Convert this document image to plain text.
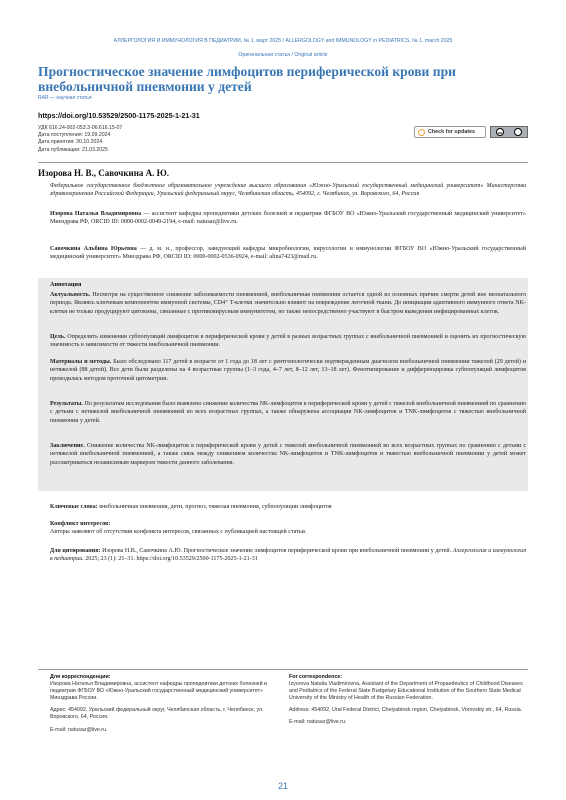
АЛЛЕРГОЛОГИЯ И ИММУНОЛОГИЯ В ПЕДИАТРИИ, № 1, март 2025 / ALLERGOLOGY and IMMUNOLOGY in PEDIATRICS, № 1, march 2025
Оригинальная статья / Original article
Прогностическое значение лимфоцитов периферической крови при внебольничной пневмонии у детей
RAR — научная статья
https://doi.org/10.53529/2500-1175-2025-1-21-31
УДК 616.24-002-053.3-06:616.15-07
Дата поступления: 19.09.2024
Дата принятия: 30.10.2024
Дата публикации: 21.03.2025
Check for updates	cc
Изорова Н. В., Савочкина А. Ю.
Федеральное государственное бюджетное образовательное учреждение высшего образования «Южно-Уральский государственный медицинский университет» Министерства здравоохранения Российской Федерации, Уральский федеральный округ, Челябинская область, 454092, г. Челябинск, ул. Воровского, 64, Россия
Изорова Наталья Владимировна — ассистент кафедры пропедевтики детских болезней и педиатрии ФГБОУ ВО «Южно-Уральский государственный медицинский университет» Минздрава РФ, ORCID ID: 0000-0002-0049-2194, e-mail: natusaz@live.ru.
Савочкина Альбина Юрьевна — д. м. н., профессор, заведующий кафедры микробиологии, вирусологии и иммунологии ФГБОУ ВО «Южно-Уральский государственный медицинский университет» Минздрава РФ, ORCID ID: 0000-0002-0536-0924, e-mail: alina7423@mail.ru.
Аннотация
Актуальность. Несмотря на существенное снижение заболеваемости пневмонией, внебольничная пневмония остается одной из основных причин смерти детей вне неонатального периода. Являясь ключевым компонентом иммунной системы, CD4⁺ T-клетки значительно влияют на повреждение легочной ткани. До инициации адаптивного иммунного ответа NK-клетки не только продуцируют цитокины, связанные с противовирусным иммунитетом, но также непосредственно участвуют в быстром выведении инфицированных клеток.
Цель. Определить изменения субпопуляций лимфоцитов в периферической крови у детей в разных возрастных группах с внебольничной пневмонией и оценить их прогностическую значимость в зависимости от тяжести внебольничной пневмонии.
Материалы и методы. Было обследовано 117 детей в возрасте от 1 года до 18 лет с рентгенологически подтвержденным диагнозом внебольничной пневмонии тяжелой (29 детей) и нетяжелой (88 детей). Все дети были разделены на 4 возрастные группы (1–3 года, 4–7 лет, 8–12 лет, 13–18 лет). Фенотипирование и дифференцировка субпопуляций лимфоцитов проводилась методом проточной цитометрии.
Результаты. По результатам исследования было выявлено снижение количества NK-лимфоцитов в периферической крови у детей с тяжелой внебольничной пневмонией по сравнению с детьми с нетяжелой внебольничной пневмонией во всех возрастных группах, а также обнаружена ассоциация NK-лимфоцитов и TNK-лимфоцитов с тяжестью внебольничной пневмонии у детей.
Заключение. Снижение количества NK-лимфоцитов в периферической крови у детей с тяжелой внебольничной пневмонией во всех возрастных группах по сравнению с детьми с нетяжелой внебольничной пневмонией, а также связь между снижением количества NK-лимфоцитов и TNK-лимфоцитов и тяжестью внебольничной пневмонии у детей может рассматриваться независимым маркером тяжести данного заболевания.
Ключевые слова: внебольничная пневмония, дети, прогноз, тяжелая пневмония, субпопуляции лимфоцитов
Конфликт интересов:
Авторы заявляют об отсутствии конфликта интересов, связанных с публикацией настоящей статьи.
Для цитирования: Изорова Н.В., Савочкина А.Ю. Прогностическое значение лимфоцитов периферической крови при внебольничной пневмонии у детей. Аллергология и иммунология в педиатрии. 2025; 23 (1): 21–31. https://doi.org/10.53529/2500-1175-2025-1-21-31
Для корреспонденции:
Изорова Наталья Владимировна, ассистент кафедры пропедевтики детских болезней и педиатрии ФГБОУ ВО «Южно-Уральский государственный медицинский университет» Минздрава России.
Адрес: 454092, Уральский федеральный округ, Челябинская область, г. Челябинск, ул. Воровского, 64, Россия.
E-mail: natusaz@live.ru.
For correspondence:
Izyurova Natalia Vladimirovna, Assistant of the Department of Propaedeutics of Childhood Diseases and Pediatrics of the Federal State Budgetary Educational Institution of the Southern State Medical University of the Ministry of Health of the Russian Federation.
Address: 454092, Ural Federal District, Chelyabinsk region, Chelyabinsk, Vorovskiy str., 64, Russia.
E-mail: natusaz@live.ru.
21
